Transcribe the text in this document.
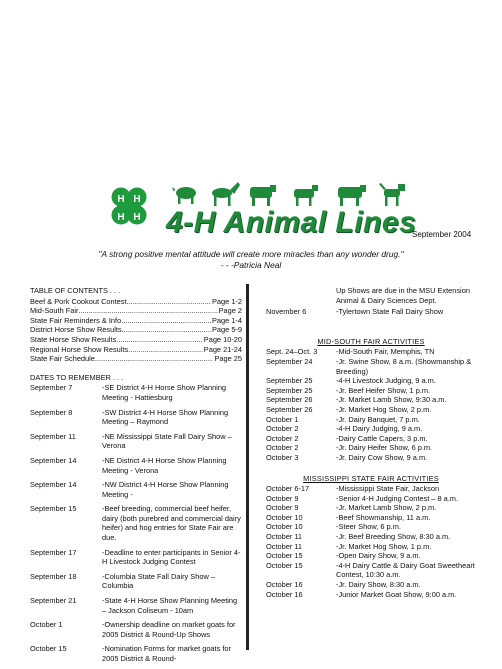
H H
H H 4-H Animal Lines
September 2004
"A strong positive mental attitude will create more miracles than any wonder drug."
- - -Patricia Neal
TABLE OF CONTENTS . . .
Beef & Pork Cookout Contest .....	Page 1-2
Mid-South Fair .....	Page 2
State Fair Reminders & Info .....	Page 1-4
District Horse Show Results .....	Page 5-9
State Horse Show Results .....	Page 10-20
Regional Horse Show Results .....	Page 21-24
State Fair Schedule .....	Page 25
DATES TO REMEMBER . . .
September 7	-SE District 4-H Horse Show Planning Meeting - Hattiesburg
September 8	-SW District 4-H Horse Show Planning Meeting – Raymond
September 11	-NE Mississippi State Fall Dairy Show – Verona
September 14	-NE District 4-H Horse Show Planning Meeting - Verona
September 14	-NW District 4-H Horse Show Planning Meeting -
September 15	-Beef breeding, commercial beef heifer, dairy (both purebred and commercial dairy heifer) and hog entries for State Fair are due.
September 17	-Deadline to enter participants in Senior 4-H Livestock Judging Contest
September 18	-Columbia State Fall Dairy Show – Columbia
September 21	-State 4-H Horse Show Planning Meeting – Jackson Coliseum - 10am
October 1	-Ownership deadline on market goats for 2005 District & Round-Up Shows
October 15	-Nomination Forms for market goats for 2005 District & Round-
Up Shows are due in the MSU Extension Animal & Dairy Sciences Dept.
November 6	-Tylertown State Fall Dairy Show
MID-SOUTH FAIR ACTIVITIES
Sept. 24–Oct. 3	-Mid-South Fair, Memphis, TN
September 24	-Jr. Swine Show, 8 a.m. (Showmanship & Breeding)
September 25	-4-H Livestock Judging, 9 a.m.
September 25	-Jr. Beef Heifer Show, 1 p.m.
September 26	-Jr. Market Lamb Show, 9:30 a.m.
September 26	-Jr. Market Hog Show, 2 p.m.
October 1	-Jr. Dairy Banquet, 7 p.m.
October 2	-4-H Dairy Judging, 9 a.m.
October 2	-Dairy Cattle Capers, 3 p.m.
October 2	-Jr. Dairy Heifer Show, 6 p.m.
October 3	-Jr. Dairy Cow Show, 9 a.m.
MISSISSIPPI STATE FAIR ACTIVITIES
October 6-17	-Mississippi State Fair, Jackson
October 9	-Senior 4-H Judging Contest – 8 a.m.
October 9	-Jr. Market Lamb Show, 2 p.m.
October 10	-Beef Showmanship, 11 a.m.
October 10	-Steer Show, 6 p.m.
October 11	-Jr. Beef Breeding Show, 8:30 a.m.
October 11	-Jr. Market Hog Show, 1 p.m.
October 15	-Open Dairy Show, 9 a.m.
October 15	-4-H Dairy Cattle & Dairy Goat Sweetheart Contest, 10:30 a.m.
October 16	-Jr. Dairy Show, 8:30 a.m.
October 16	-Junior Market Goat Show, 9:00 a.m.
